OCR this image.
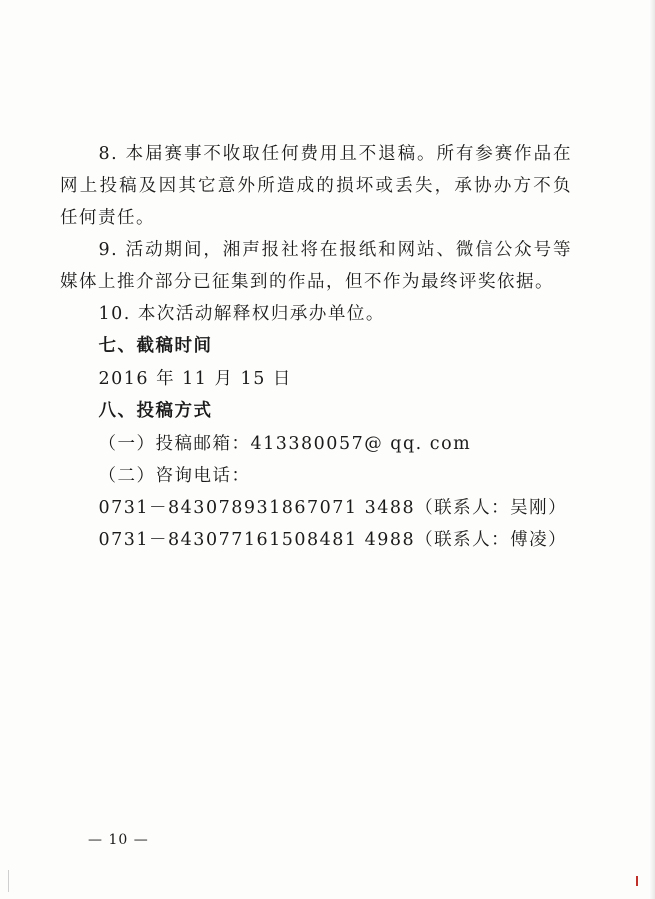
8. 本届赛事不收取任何费用且不退稿。所有参赛作品在网上投稿及因其它意外所造成的损坏或丢失，承协办方不负任何责任。

9. 活动期间，湘声报社将在报纸和网站、微信公众号等媒体上推介部分已征集到的作品，但不作为最终评奖依据。

10. 本次活动解释权归承办单位。

七、截稿时间

2016 年 11 月 15 日

八、投稿方式

（一）投稿邮箱：413380057@ qq. com

（二）咨询电话：

0731－843078931867071 3488（联系人：吴刚）

0731－843077161508481 4988（联系人：傅凌）

— 10 —
